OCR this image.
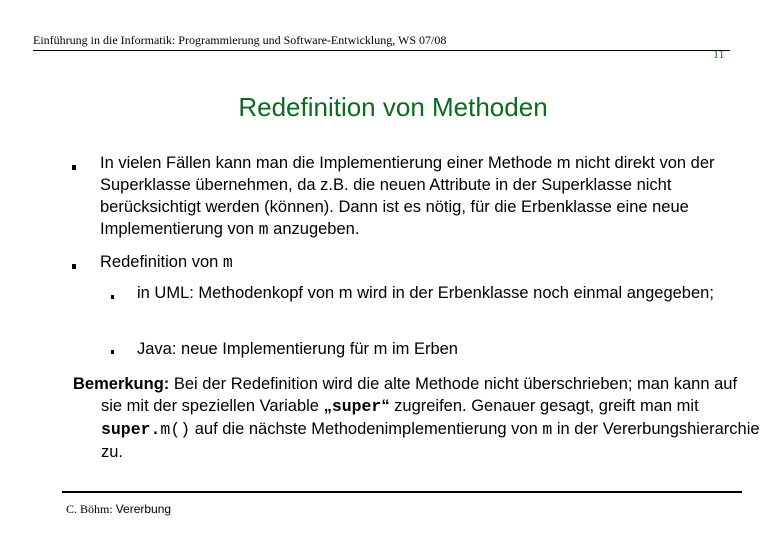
Einführung in die Informatik: Programmierung und Software-Entwicklung, WS 07/08
11
Redefinition von Methoden
In vielen Fällen kann man die Implementierung einer Methode m nicht direkt von der Superklasse übernehmen, da z.B. die neuen Attribute in der Superklasse nicht berücksichtigt werden (können). Dann ist es nötig, für die Erbenklasse eine neue Implementierung von m anzugeben.
Redefinition von m
in UML: Methodenkopf von m wird in der Erbenklasse noch einmal angegeben;
Java: neue Implementierung für m im Erben
Bemerkung: Bei der Redefinition wird die alte Methode nicht überschrieben; man kann auf sie mit der speziellen Variable „super“ zugreifen. Genauer gesagt, greift man mit super.m() auf die nächste Methodenimplementierung von m in der Vererbungshierarchie zu.
C. Böhm: Vererbung
